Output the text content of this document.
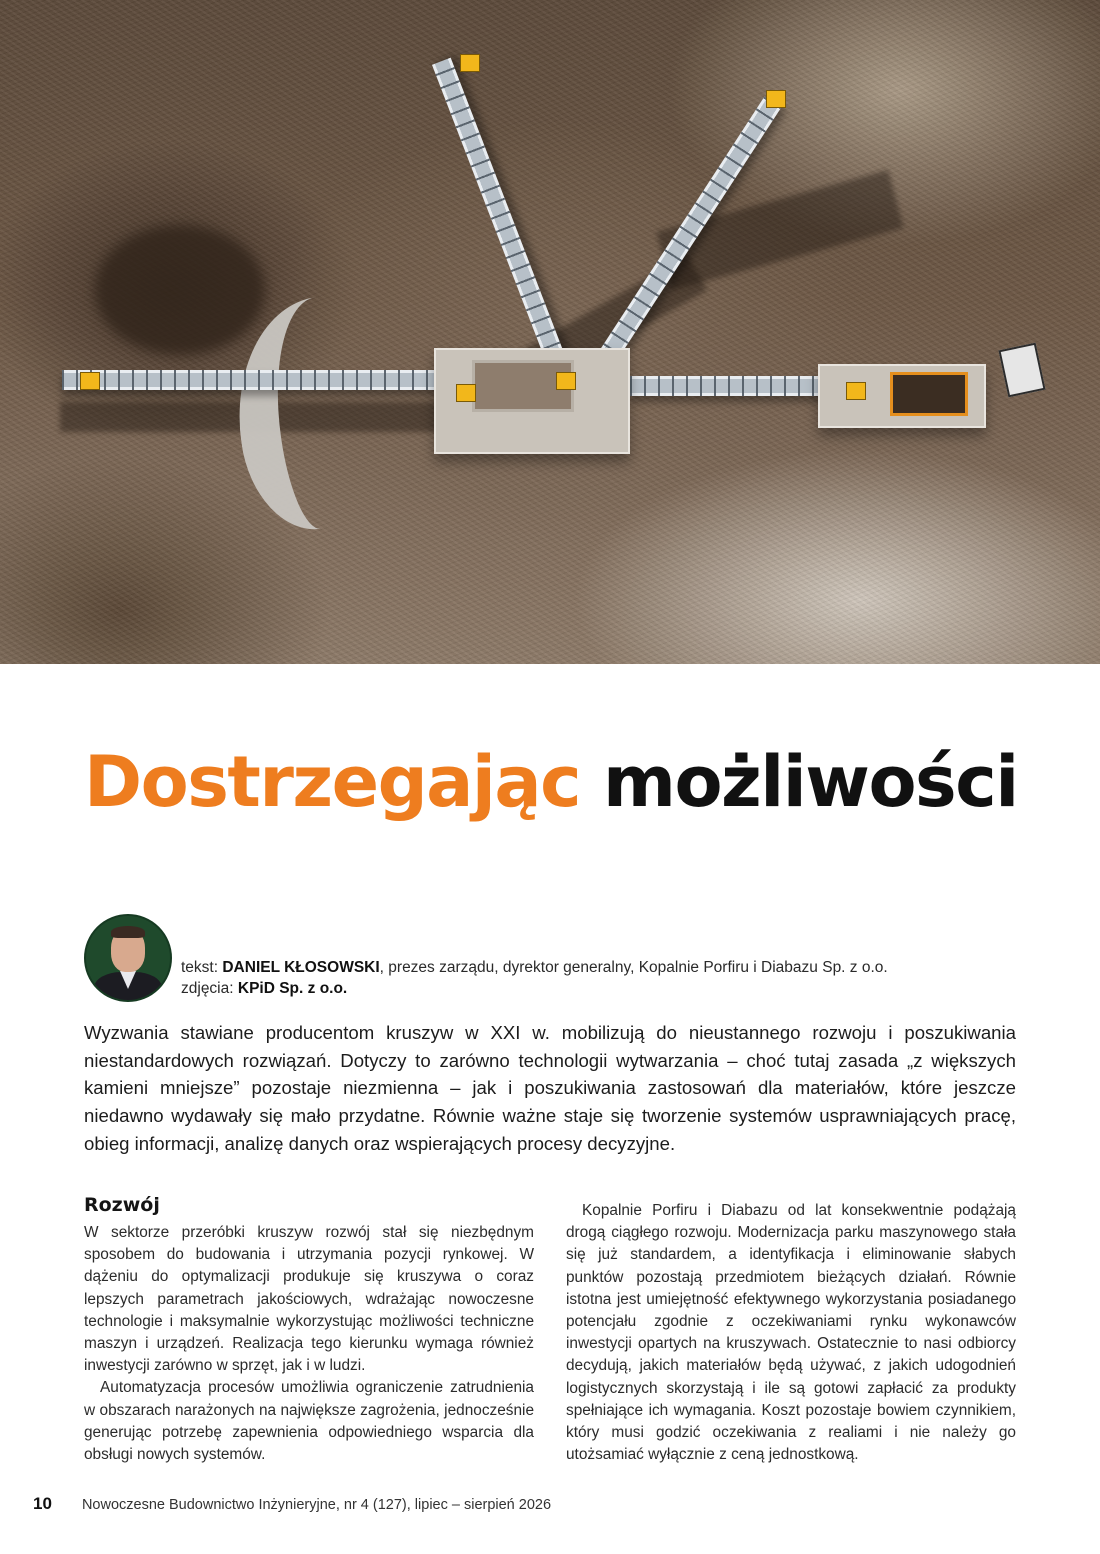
Dostrzegając możliwości
tekst: DANIEL KŁOSOWSKI, prezes zarządu, dyrektor generalny, Kopalnie Porfiru i Diabazu Sp. z o.o.
zdjęcia: KPiD Sp. z o.o.

Wyzwania stawiane producentom kruszyw w XXI w. mobilizują do nieustannego rozwoju i poszukiwania niestandardowych rozwiązań. Dotyczy to zarówno technologii wytwarzania – choć tutaj zasada „z większych kamieni mniejsze” pozostaje niezmienna – jak i poszukiwania zastosowań dla materiałów, które jeszcze niedawno wydawały się mało przydatne. Równie ważne staje się tworzenie systemów usprawniających pracę, obieg informacji, analizę danych oraz wspierających procesy decyzyjne.

Rozwój

W sektorze przeróbki kruszyw rozwój stał się niezbędnym sposobem do budowania i utrzymania pozycji rynkowej. W dążeniu do optymalizacji produkuje się kruszywa o coraz lepszych parametrach jakościowych, wdrażając nowoczesne technologie i maksymalnie wykorzystując możliwości techniczne maszyn i urządzeń. Realizacja tego kierunku wymaga również inwestycji zarówno w sprzęt, jak i w ludzi.

Automatyzacja procesów umożliwia ograniczenie zatrudnienia w obszarach narażonych na największe zagrożenia, jednocześnie generując potrzebę zapewnienia odpowiedniego wsparcia dla obsługi nowych systemów.

Kopalnie Porfiru i Diabazu od lat konsekwentnie podążają drogą ciągłego rozwoju. Modernizacja parku maszynowego stała się już standardem, a identyfikacja i eliminowanie słabych punktów pozostają przedmiotem bieżących działań. Równie istotna jest umiejętność efektywnego wykorzystania posiadanego potencjału zgodnie z oczekiwaniami rynku wykonawców inwestycji opartych na kruszywach. Ostatecznie to nasi odbiorcy decydują, jakich materiałów będą używać, z jakich udogodnień logistycznych skorzystają i ile są gotowi zapłacić za produkty spełniające ich wymagania. Koszt pozostaje bowiem czynnikiem, który musi godzić oczekiwania z realiami i nie należy go utożsamiać wyłącznie z ceną jednostkową.

10 Nowoczesne Budownictwo Inżynieryjne, nr 4 (127), lipiec – sierpień 2026
